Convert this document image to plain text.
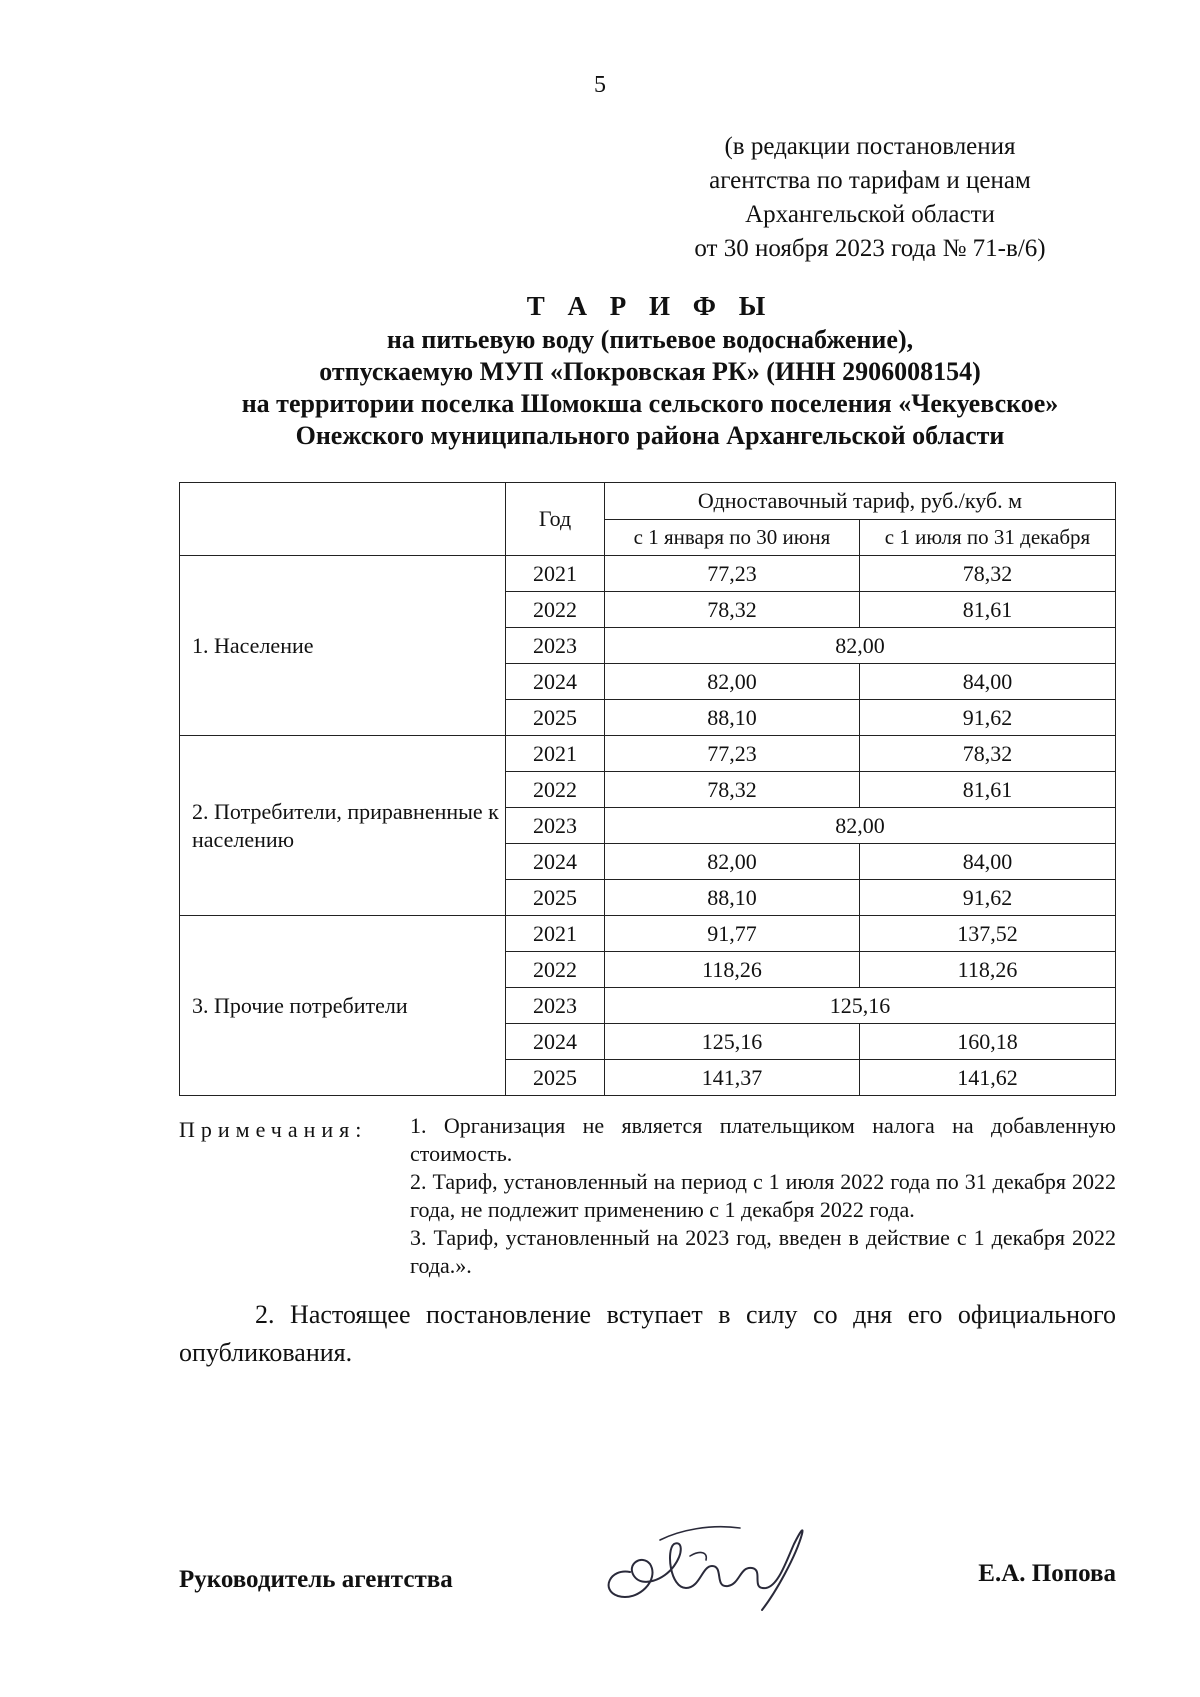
5
(в редакции постановления
агентства по тарифам и ценам
Архангельской области
от 30 ноября 2023 года № 71-в/6)
Т А Р И Ф Ы
на питьевую воду (питьевое водоснабжение),
отпускаемую МУП «Покровская РК» (ИНН 2906008154)
на территории поселка Шомокша сельского поселения «Чекуевское»
Онежского муниципального района Архангельской области
	Год	Одноставочный тариф, руб./куб. м	
		с 1 января по 30 июня	с 1 июля по 31 декабря
1. Население	2021	77,23	78,32
	2022	78,32	81,61
	2023	82,00	
	2024	82,00	84,00
	2025	88,10	91,62
2. Потребители, приравненные к населению	2021	77,23	78,32
	2022	78,32	81,61
	2023	82,00	
	2024	82,00	84,00
	2025	88,10	91,62
3. Прочие потребители	2021	91,77	137,52
	2022	118,26	118,26
	2023	125,16	
	2024	125,16	160,18
	2025	141,37	141,62
Примечания: 1. Организация не является плательщиком налога на добавленную стоимость.
2. Тариф, установленный на период с 1 июля 2022 года по 31 декабря 2022 года, не подлежит применению с 1 декабря 2022 года.
3. Тариф, установленный на 2023 год, введен в действие с 1 декабря 2022 года.».
2. Настоящее постановление вступает в силу со дня его официального опубликования.
Руководитель агентства	Е.А. Попова
